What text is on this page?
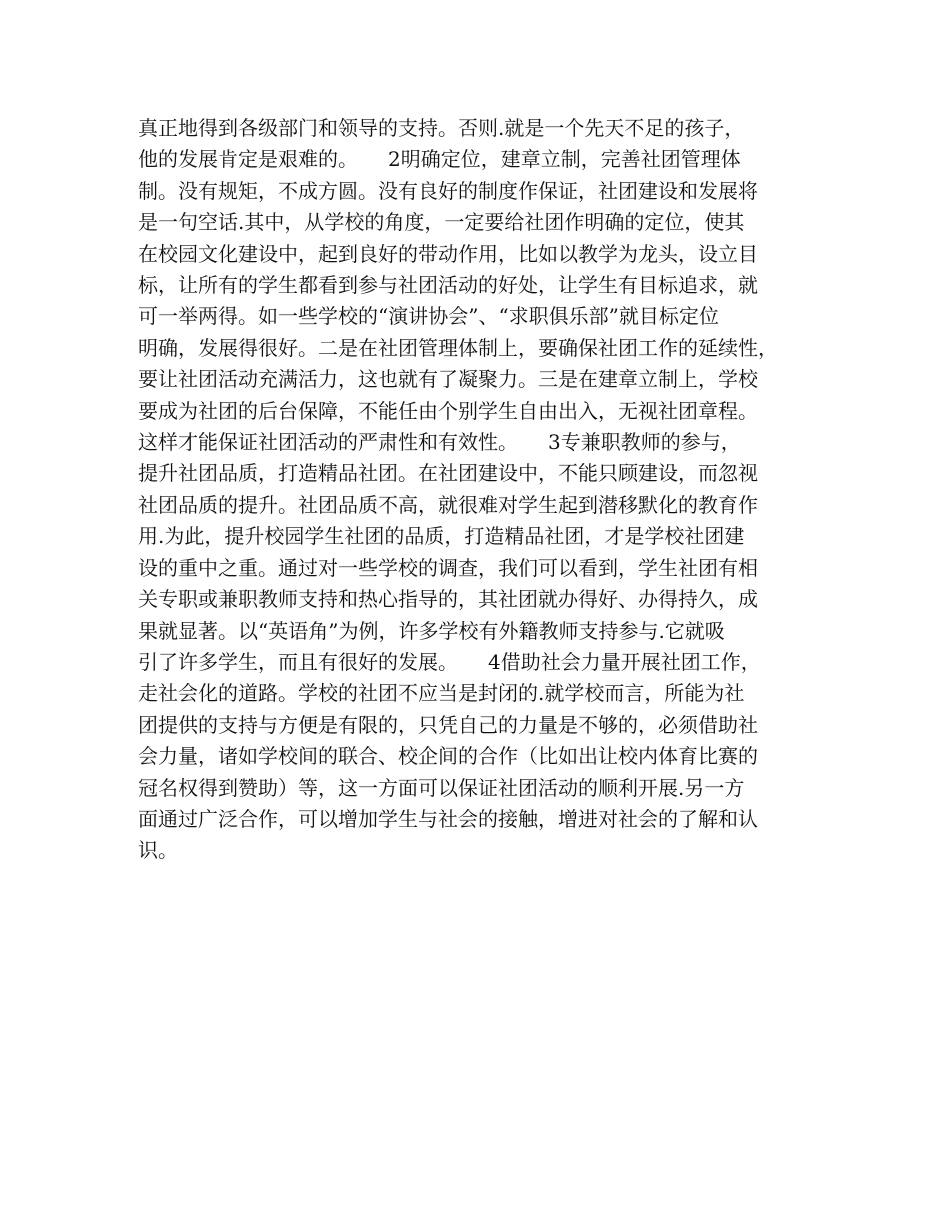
真正地得到各级部门和领导的支持。否则.就是一个先天不足的孩子，
他的发展肯定是艰难的。　　2明确定位，建章立制，完善社团管理体
制。没有规矩，不成方圆。没有良好的制度作保证，社团建设和发展将
是一句空话.其中，从学校的角度，一定要给社团作明确的定位，使其
在校园文化建设中，起到良好的带动作用，比如以教学为龙头，设立目
标，让所有的学生都看到参与社团活动的好处，让学生有目标追求，就
可一举两得。如一些学校的“演讲协会”、“求职俱乐部”就目标定位
明确，发展得很好。二是在社团管理体制上，要确保社团工作的延续性，
要让社团活动充满活力，这也就有了凝聚力。三是在建章立制上，学校
要成为社团的后台保障，不能任由个别学生自由出入，无视社团章程。
这样才能保证社团活动的严肃性和有效性。　　3专兼职教师的参与，
提升社团品质，打造精品社团。在社团建设中，不能只顾建设，而忽视
社团品质的提升。社团品质不高，就很难对学生起到潜移默化的教育作
用.为此，提升校园学生社团的品质，打造精品社团，才是学校社团建
设的重中之重。通过对一些学校的调查，我们可以看到，学生社团有相
关专职或兼职教师支持和热心指导的，其社团就办得好、办得持久，成
果就显著。以“英语角”为例，许多学校有外籍教师支持参与.它就吸
引了许多学生，而且有很好的发展。　　4借助社会力量开展社团工作，
走社会化的道路。学校的社团不应当是封闭的.就学校而言，所能为社
团提供的支持与方便是有限的，只凭自己的力量是不够的，必须借助社
会力量，诸如学校间的联合、校企间的合作（比如出让校内体育比赛的
冠名权得到赞助）等，这一方面可以保证社团活动的顺利开展.另一方
面通过广泛合作，可以增加学生与社会的接触，增进对社会的了解和认
识。
